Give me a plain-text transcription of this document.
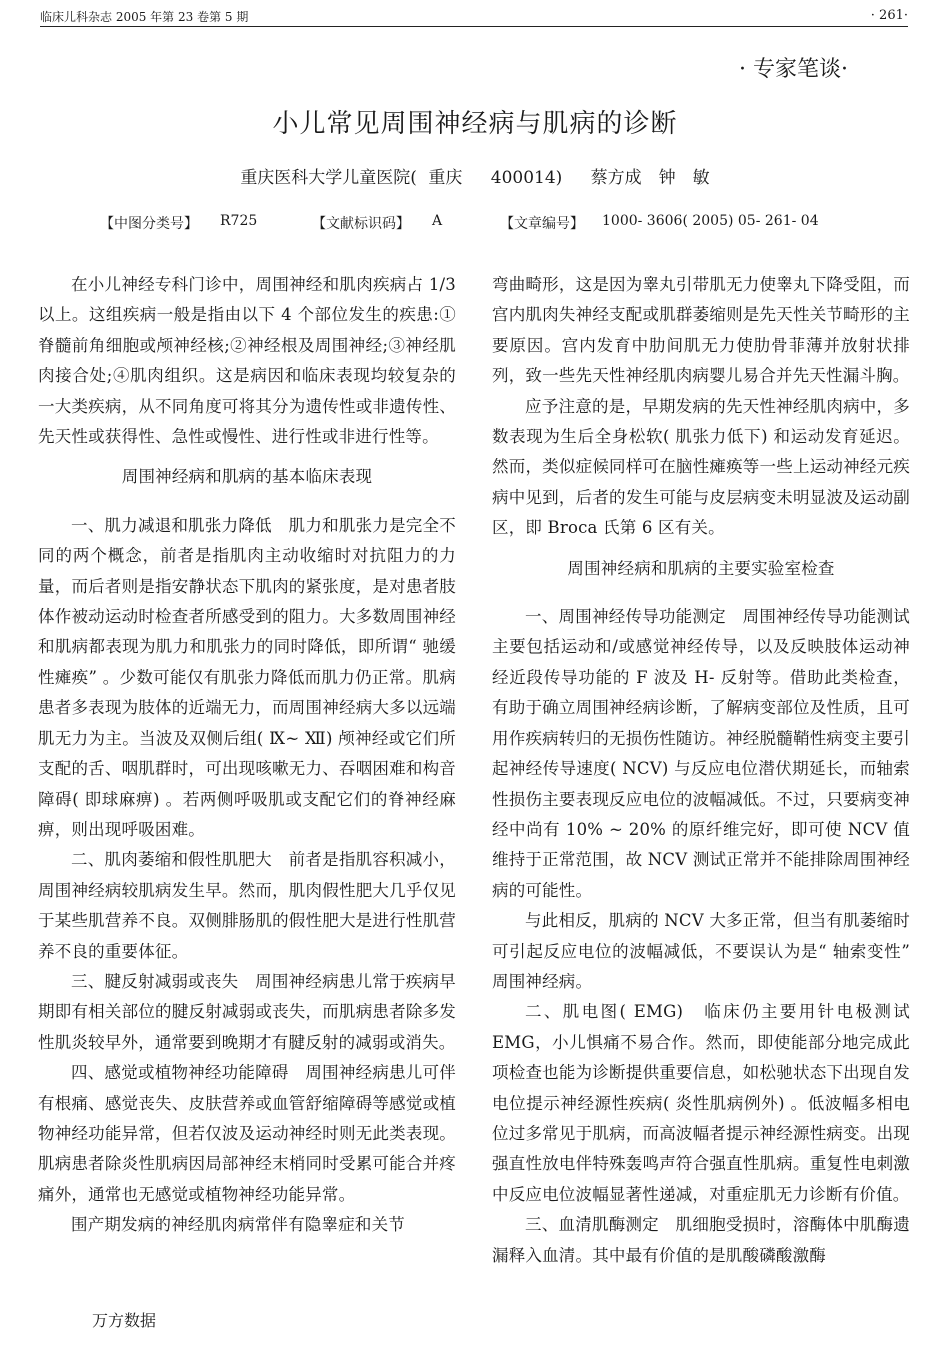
临床儿科杂志 2005 年第 23 卷第 5 期	· 261·
· 专家笔谈·
小儿常见周围神经病与肌病的诊断
重庆医科大学儿童医院( 重庆　 400014)　 蔡方成　钟　敏
【中图分类号】 R725	【文献标识码】 A	【文章编号】 1000- 3606( 2005) 05- 261- 04

在小儿神经专科门诊中，周围神经和肌肉疾病占 1/3 以上。这组疾病一般是指由以下 4 个部位发生的疾患:①脊髓前角细胞或颅神经核;②神经根及周围神经;③神经肌肉接合处;④肌肉组织。这是病因和临床表现均较复杂的一大类疾病，从不同角度可将其分为遗传性或非遗传性、先天性或获得性、急性或慢性、进行性或非进行性等。

周围神经病和肌病的基本临床表现

一、肌力减退和肌张力降低　肌力和肌张力是完全不同的两个概念，前者是指肌肉主动收缩时对抗阻力的力量，而后者则是指安静状态下肌肉的紧张度，是对患者肢体作被动运动时检查者所感受到的阻力。大多数周围神经和肌病都表现为肌力和肌张力的同时降低，即所谓“ 驰缓性瘫痪” 。少数可能仅有肌张力降低而肌力仍正常。肌病患者多表现为肢体的近端无力，而周围神经病大多以远端肌无力为主。当波及双侧后组( Ⅸ~ Ⅻ) 颅神经或它们所支配的舌、咽肌群时，可出现咳嗽无力、吞咽困难和构音障碍( 即球麻痹) 。若两侧呼吸肌或支配它们的脊神经麻痹，则出现呼吸困难。

二、肌肉萎缩和假性肌肥大　前者是指肌容积减小，周围神经病较肌病发生早。然而，肌肉假性肥大几乎仅见于某些肌营养不良。双侧腓肠肌的假性肥大是进行性肌营养不良的重要体征。

三、腱反射减弱或丧失　周围神经病患儿常于疾病早期即有相关部位的腱反射减弱或丧失，而肌病患者除多发性肌炎较早外，通常要到晚期才有腱反射的减弱或消失。

四、感觉或植物神经功能障碍　周围神经病患儿可伴有根痛、感觉丧失、皮肤营养或血管舒缩障碍等感觉或植物神经功能异常，但若仅波及运动神经时则无此类表现。肌病患者除炎性肌病因局部神经末梢同时受累可能合并疼痛外，通常也无感觉或植物神经功能异常。

围产期发病的神经肌肉病常伴有隐睾症和关节

弯曲畸形，这是因为睾丸引带肌无力使睾丸下降受阻，而宫内肌肉失神经支配或肌群萎缩则是先天性关节畸形的主要原因。宫内发育中肋间肌无力使肋骨菲薄并放射状排列，致一些先天性神经肌肉病婴儿易合并先天性漏斗胸。

应予注意的是，早期发病的先天性神经肌肉病中，多数表现为生后全身松软( 肌张力低下) 和运动发育延迟。然而，类似症候同样可在脑性瘫痪等一些上运动神经元疾病中见到，后者的发生可能与皮层病变未明显波及运动副区，即 Broca 氏第 6 区有关。

周围神经病和肌病的主要实验室检查

一、周围神经传导功能测定　周围神经传导功能测试主要包括运动和/或感觉神经传导，以及反映肢体运动神经近段传导功能的 F 波及 H- 反射等。借助此类检查，有助于确立周围神经病诊断，了解病变部位及性质，且可用作疾病转归的无损伤性随访。神经脱髓鞘性病变主要引起神经传导速度( NCV) 与反应电位潜伏期延长，而轴索性损伤主要表现反应电位的波幅减低。不过，只要病变神经中尚有 10% ~ 20% 的原纤维完好，即可使 NCV 值维持于正常范围，故 NCV 测试正常并不能排除周围神经病的可能性。

与此相反，肌病的 NCV 大多正常，但当有肌萎缩时可引起反应电位的波幅减低，不要误认为是“ 轴索变性” 周围神经病。

二、肌电图( EMG)　临床仍主要用针电极测试 EMG，小儿惧痛不易合作。然而，即使能部分地完成此项检查也能为诊断提供重要信息，如松驰状态下出现自发电位提示神经源性疾病( 炎性肌病例外) 。低波幅多相电位过多常见于肌病，而高波幅者提示神经源性病变。出现强直性放电伴特殊轰鸣声符合强直性肌病。重复性电刺激中反应电位波幅显著性递减，对重症肌无力诊断有价值。

三、血清肌酶测定　肌细胞受损时，溶酶体中肌酶遗漏释入血清。其中最有价值的是肌酸磷酸激酶

万方数据
